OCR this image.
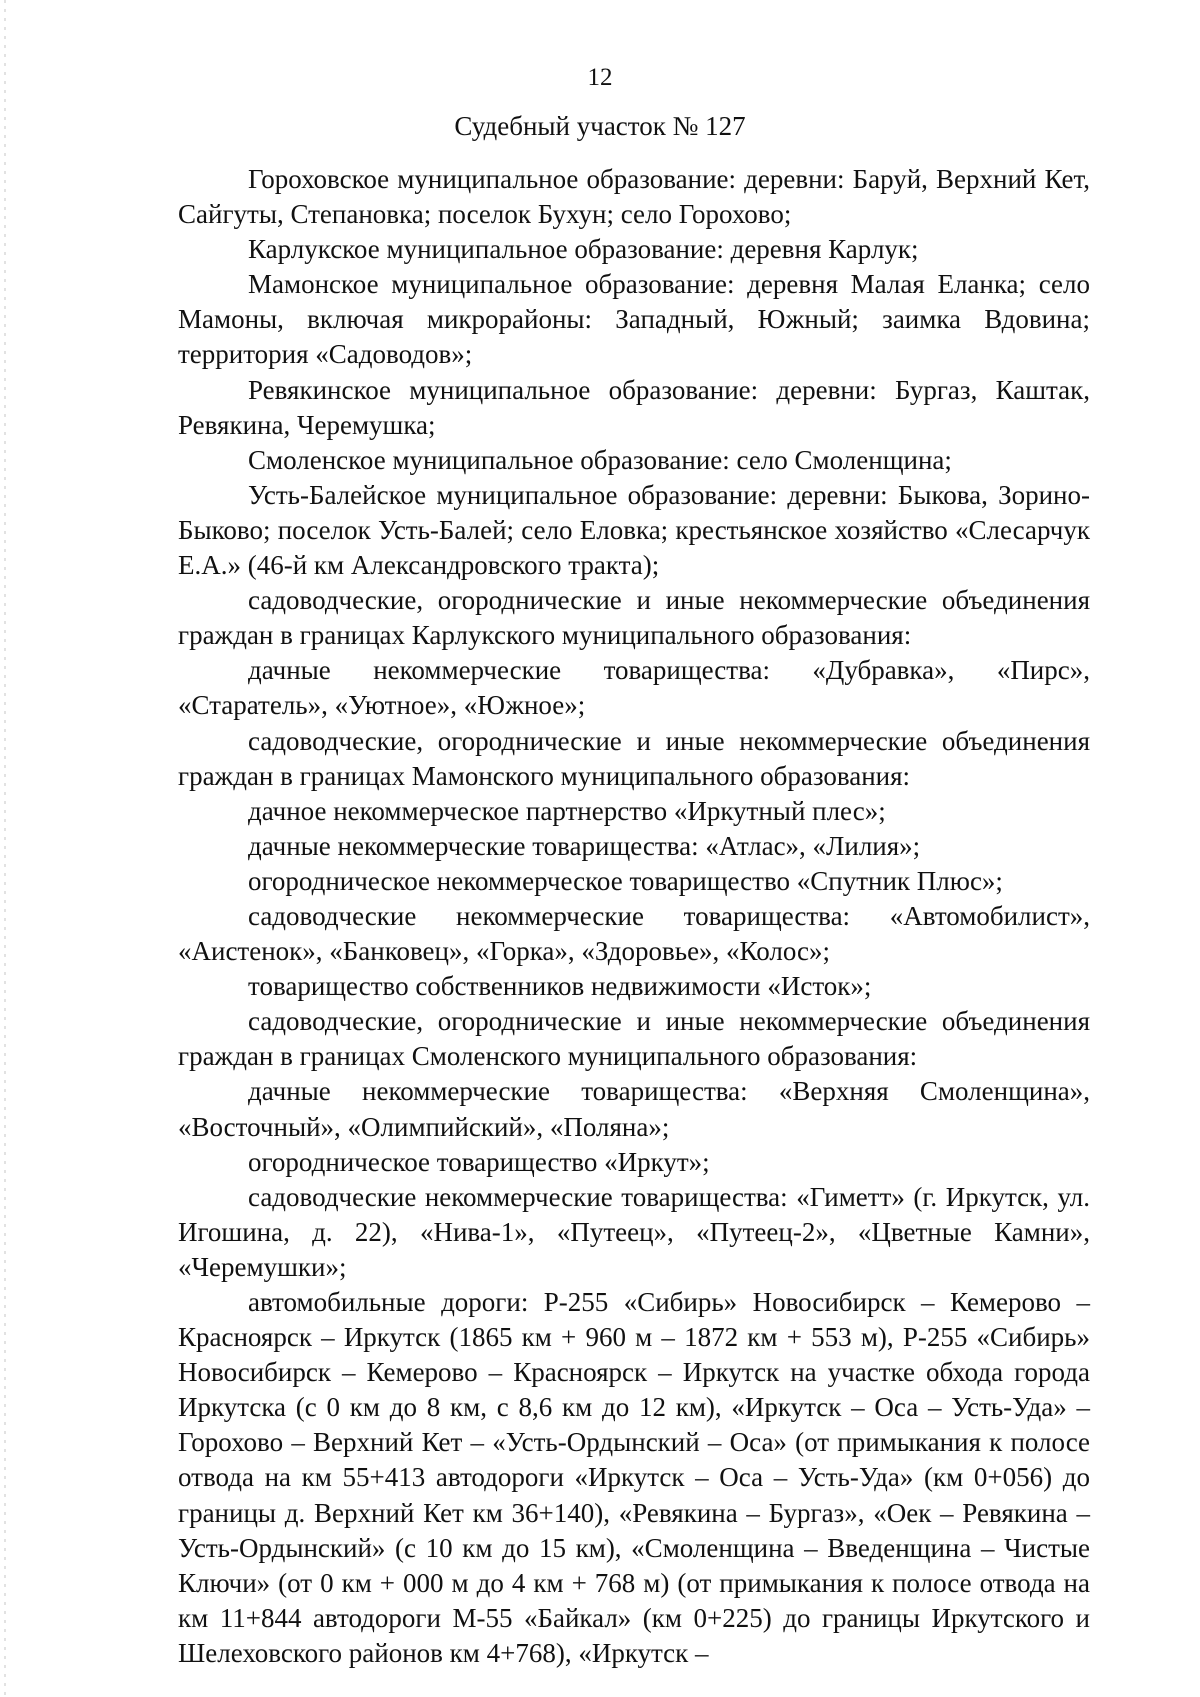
12
Судебный участок № 127

Гороховское муниципальное образование: деревни: Баруй, Верхний Кет, Сайгуты, Степановка; поселок Бухун; село Горохово;

Карлукское муниципальное образование: деревня Карлук;

Мамонское муниципальное образование: деревня Малая Еланка; село Мамоны, включая микрорайоны: Западный, Южный; заимка Вдовина; территория «Садоводов»;

Ревякинское муниципальное образование: деревни: Бургаз, Каштак, Ревякина, Черемушка;

Смоленское муниципальное образование: село Смоленщина;

Усть-Балейское муниципальное образование: деревни: Быкова, Зорино-Быково; поселок Усть-Балей; село Еловка; крестьянское хозяйство «Слесарчук Е.А.» (46-й км Александровского тракта);

садоводческие, огороднические и иные некоммерческие объединения граждан в границах Карлукского муниципального образования:

дачные некоммерческие товарищества: «Дубравка», «Пирс», «Старатель», «Уютное», «Южное»;

садоводческие, огороднические и иные некоммерческие объединения граждан в границах Мамонского муниципального образования:

дачное некоммерческое партнерство «Иркутный плес»;

дачные некоммерческие товарищества: «Атлас», «Лилия»;

огородническое некоммерческое товарищество «Спутник Плюс»;

садоводческие некоммерческие товарищества: «Автомобилист», «Аистенок», «Банковец», «Горка», «Здоровье», «Колос»;

товарищество собственников недвижимости «Исток»;

садоводческие, огороднические и иные некоммерческие объединения граждан в границах Смоленского муниципального образования:

дачные некоммерческие товарищества: «Верхняя Смоленщина», «Восточный», «Олимпийский», «Поляна»;

огородническое товарищество «Иркут»;

садоводческие некоммерческие товарищества: «Гиметт» (г. Иркутск, ул. Игошина, д. 22), «Нива-1», «Путеец», «Путеец-2», «Цветные Камни», «Черемушки»;

автомобильные дороги: Р-255 «Сибирь» Новосибирск – Кемерово – Красноярск – Иркутск (1865 км + 960 м – 1872 км + 553 м), Р-255 «Сибирь» Новосибирск – Кемерово – Красноярск – Иркутск на участке обхода города Иркутска (с 0 км до 8 км, с 8,6 км до 12 км), «Иркутск – Оса – Усть-Уда» – Горохово – Верхний Кет – «Усть-Ордынский – Оса» (от примыкания к полосе отвода на км 55+413 автодороги «Иркутск – Оса – Усть-Уда» (км 0+056) до границы д. Верхний Кет км 36+140), «Ревякина – Бургаз», «Оек – Ревякина – Усть-Ордынский» (с 10 км до 15 км), «Смоленщина – Введенщина – Чистые Ключи» (от 0 км + 000 м до 4 км + 768 м) (от примыкания к полосе отвода на км 11+844 автодороги М-55 «Байкал» (км 0+225) до границы Иркутского и Шелеховского районов км 4+768), «Иркутск –
